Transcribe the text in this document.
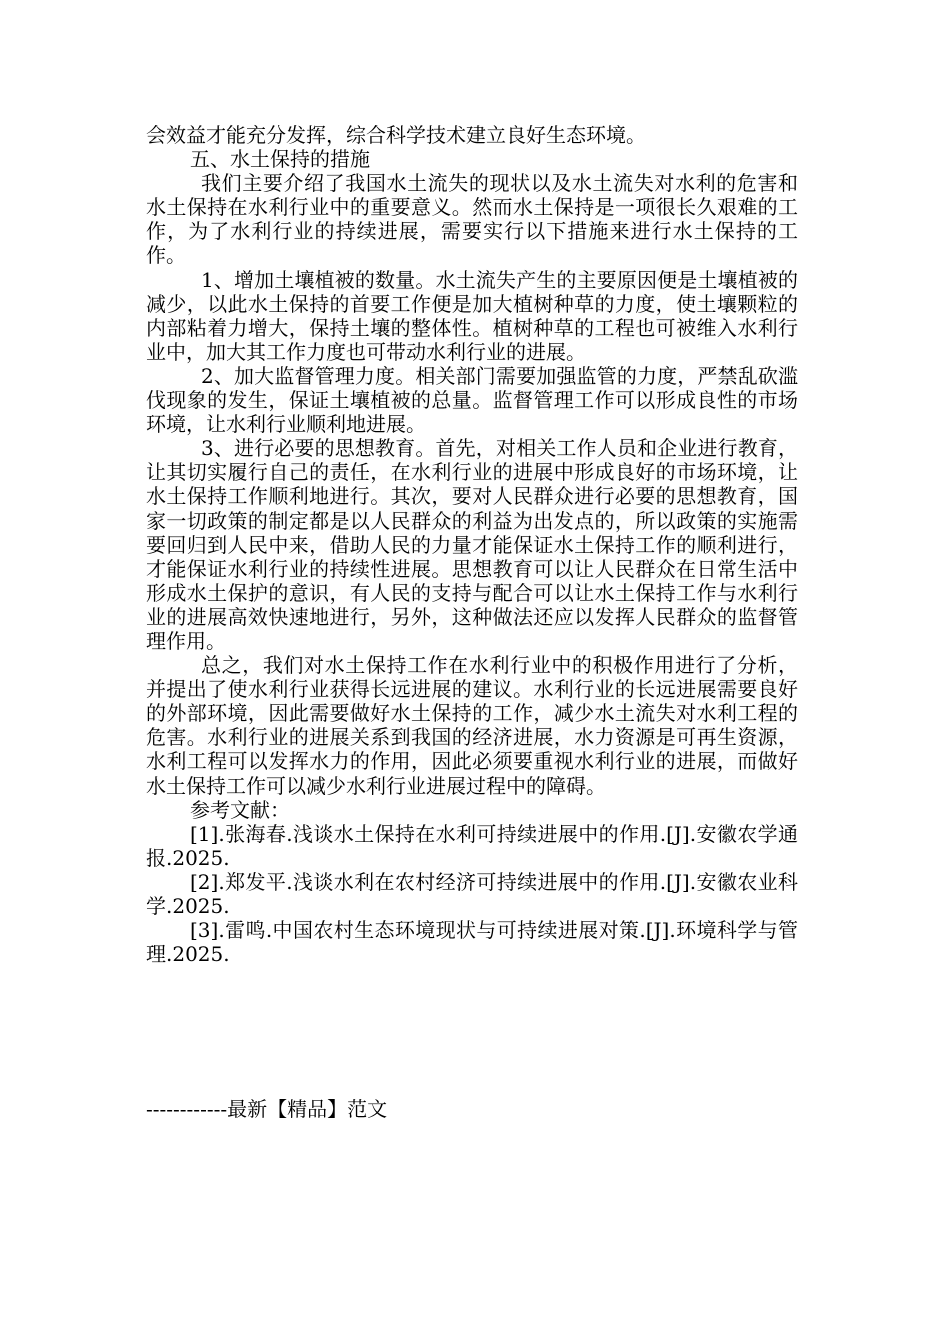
会效益才能充分发挥，综合科学技术建立良好生态环境。

五、水土保持的措施

我们主要介绍了我国水土流失的现状以及水土流失对水利的危害和水土保持在水利行业中的重要意义。然而水土保持是一项很长久艰难的工作，为了水利行业的持续进展，需要实行以下措施来进行水土保持的工作。

1、增加土壤植被的数量。水土流失产生的主要原因便是土壤植被的减少，以此水土保持的首要工作便是加大植树种草的力度，使土壤颗粒的内部粘着力增大，保持土壤的整体性。植树种草的工程也可被维入水利行业中，加大其工作力度也可带动水利行业的进展。

2、加大监督管理力度。相关部门需要加强监管的力度，严禁乱砍滥伐现象的发生，保证土壤植被的总量。监督管理工作可以形成良性的市场环境，让水利行业顺利地进展。

3、进行必要的思想教育。首先，对相关工作人员和企业进行教育，让其切实履行自己的责任，在水利行业的进展中形成良好的市场环境，让水土保持工作顺利地进行。其次，要对人民群众进行必要的思想教育，国家一切政策的制定都是以人民群众的利益为出发点的，所以政策的实施需要回归到人民中来，借助人民的力量才能保证水土保持工作的顺利进行，才能保证水利行业的持续性进展。思想教育可以让人民群众在日常生活中形成水土保护的意识，有人民的支持与配合可以让水土保持工作与水利行业的进展高效快速地进行，另外，这种做法还应以发挥人民群众的监督管理作用。

总之，我们对水土保持工作在水利行业中的积极作用进行了分析，并提出了使水利行业获得长远进展的建议。水利行业的长远进展需要良好的外部环境，因此需要做好水土保持的工作，减少水土流失对水利工程的危害。水利行业的进展关系到我国的经济进展，水力资源是可再生资源，水利工程可以发挥水力的作用，因此必须要重视水利行业的进展，而做好水土保持工作可以减少水利行业进展过程中的障碍。

参考文献：

[1].张海春.浅谈水土保持在水利可持续进展中的作用.[J].安徽农学通报.2025.

[2].郑发平.浅谈水利在农村经济可持续进展中的作用.[J].安徽农业科学.2025.

[3].雷鸣.中国农村生态环境现状与可持续进展对策.[J].环境科学与管理.2025.

------------最新【精品】范文
